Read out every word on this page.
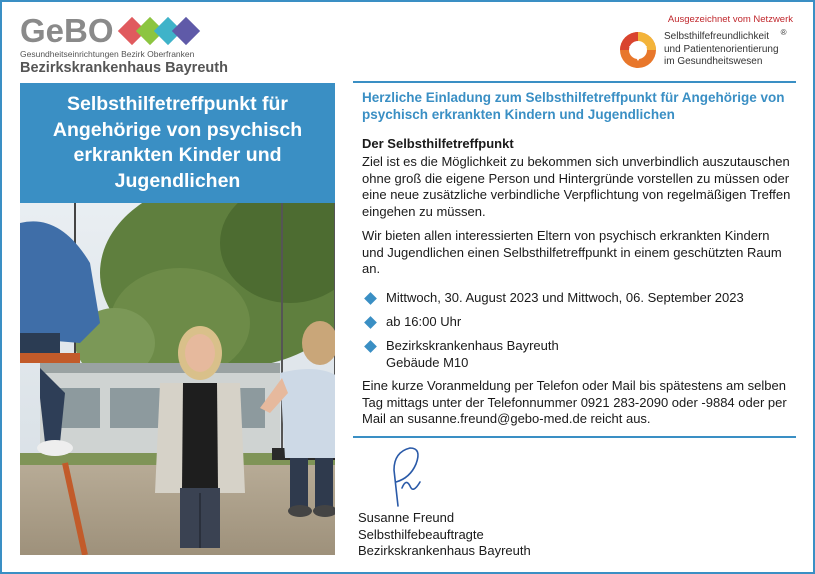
GeBO
Gesundheitseinrichtungen Bezirk Oberfranken
Bezirkskrankenhaus Bayreuth
Ausgezeichnet vom Netzwerk
Selbsthilfefreundlichkeit
und Patientenorientierung
im Gesundheitswesen
®
Selbsthilfetreffpunkt für Angehörige von psychisch erkrankten Kinder und Jugendlichen
Herzliche Einladung zum Selbsthilfetreffpunkt für Angehörige von psychisch erkrankten Kindern und Jugendlichen
Der Selbsthilfetreffpunkt
Ziel ist es die Möglichkeit zu bekommen sich unverbindlich auszutauschen ohne groß die eigene Person und Hintergründe vorstellen zu müssen oder eine neue zusätzliche verbindliche Verpflichtung von regelmäßigen Treffen eingehen zu müssen.
Wir bieten allen interessierten Eltern von psychisch erkrankten Kindern und Jugendlichen einen Selbsthilfetreffpunkt in einem geschützten Raum an.
Mittwoch, 30. August 2023 und Mittwoch, 06. September 2023
ab 16:00 Uhr
Bezirkskrankenhaus Bayreuth
Gebäude M10
Eine kurze Voranmeldung per Telefon oder Mail bis spätestens am selben Tag mittags unter der Telefonnummer 0921 283-2090 oder -9884 oder per Mail an susanne.freund@gebo-med.de reicht aus.
Susanne Freund
Selbsthilfebeauftragte
Bezirkskrankenhaus Bayreuth
